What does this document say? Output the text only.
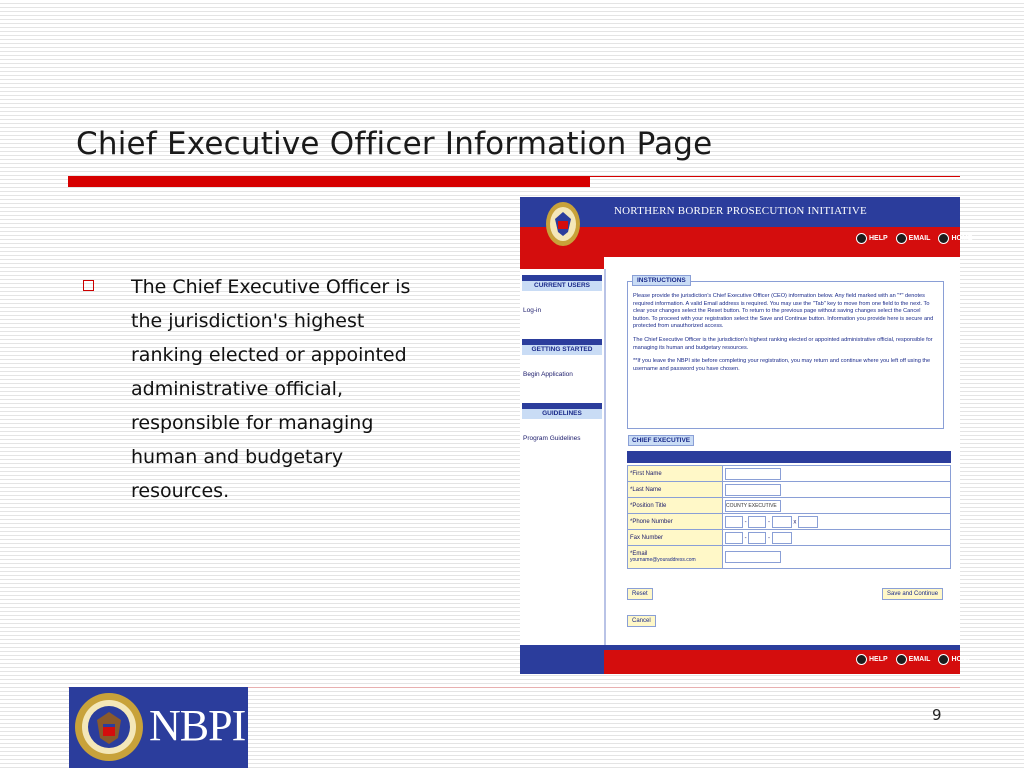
Chief Executive Officer Information Page
The Chief Executive Officer is the jurisdiction's highest ranking elected or appointed administrative official, responsible for managing human and budgetary resources.
NORTHERN BORDER PROSECUTION INITIATIVE
HELP	EMAIL	HOME
CURRENT USERS
Log-in
GETTING STARTED
Begin Application
GUIDELINES
Program Guidelines
INSTRUCTIONS

Please provide the jurisdiction's Chief Executive Officer (CEO) information below. Any field marked with an "*" denotes required information. A valid Email address is required. You may use the "Tab" key to move from one field to the next. To clear your changes select the Reset button. To return to the previous page without saving changes select the Cancel button. To proceed with your registration select the Save and Continue button. Information you provide here is secure and protected from unauthorized access.

The Chief Executive Officer is the jurisdiction's highest ranking elected or appointed administrative official, responsible for managing its human and budgetary resources.

**If you leave the NBPI site before completing your registration, you may return and continue where you left off using the username and password you have chosen.

CHIEF EXECUTIVE
*First Name	
*Last Name	
*Position Title	COUNTY EXECUTIVE
*Phone Number	- - x
Fax Number	- -
*Email
yourname@youraddress.com	

Reset	Save and Continue
Cancel
HELP	EMAIL	HOME
NBPI	9
